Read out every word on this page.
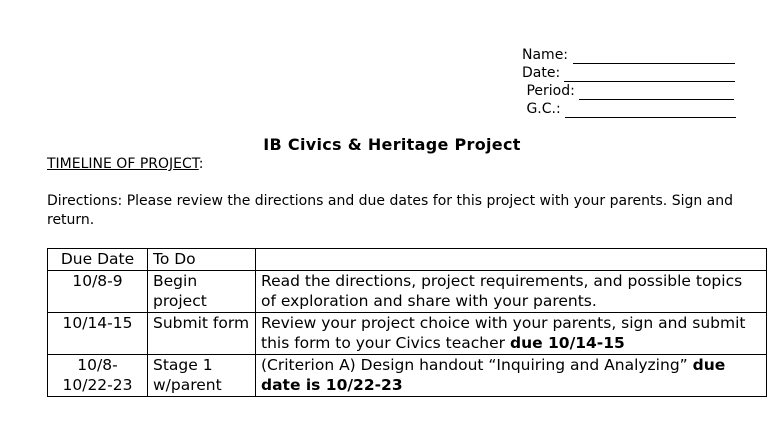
Name:
Date:
Period:
G.C.:
IB Civics & Heritage Project
TIMELINE OF PROJECT:
Directions: Please review the directions and due dates for this project with your parents. Sign and return.
Due Date	To Do	
10/8-9	Begin project	Read the directions, project requirements, and possible topics of exploration and share with your parents.
10/14-15	Submit form	Review your project choice with your parents, sign and submit this form to your Civics teacher due 10/14-15
10/8-10/22-23	Stage 1 w/parent	(Criterion A) Design handout “Inquiring and Analyzing” due date is 10/22-23
